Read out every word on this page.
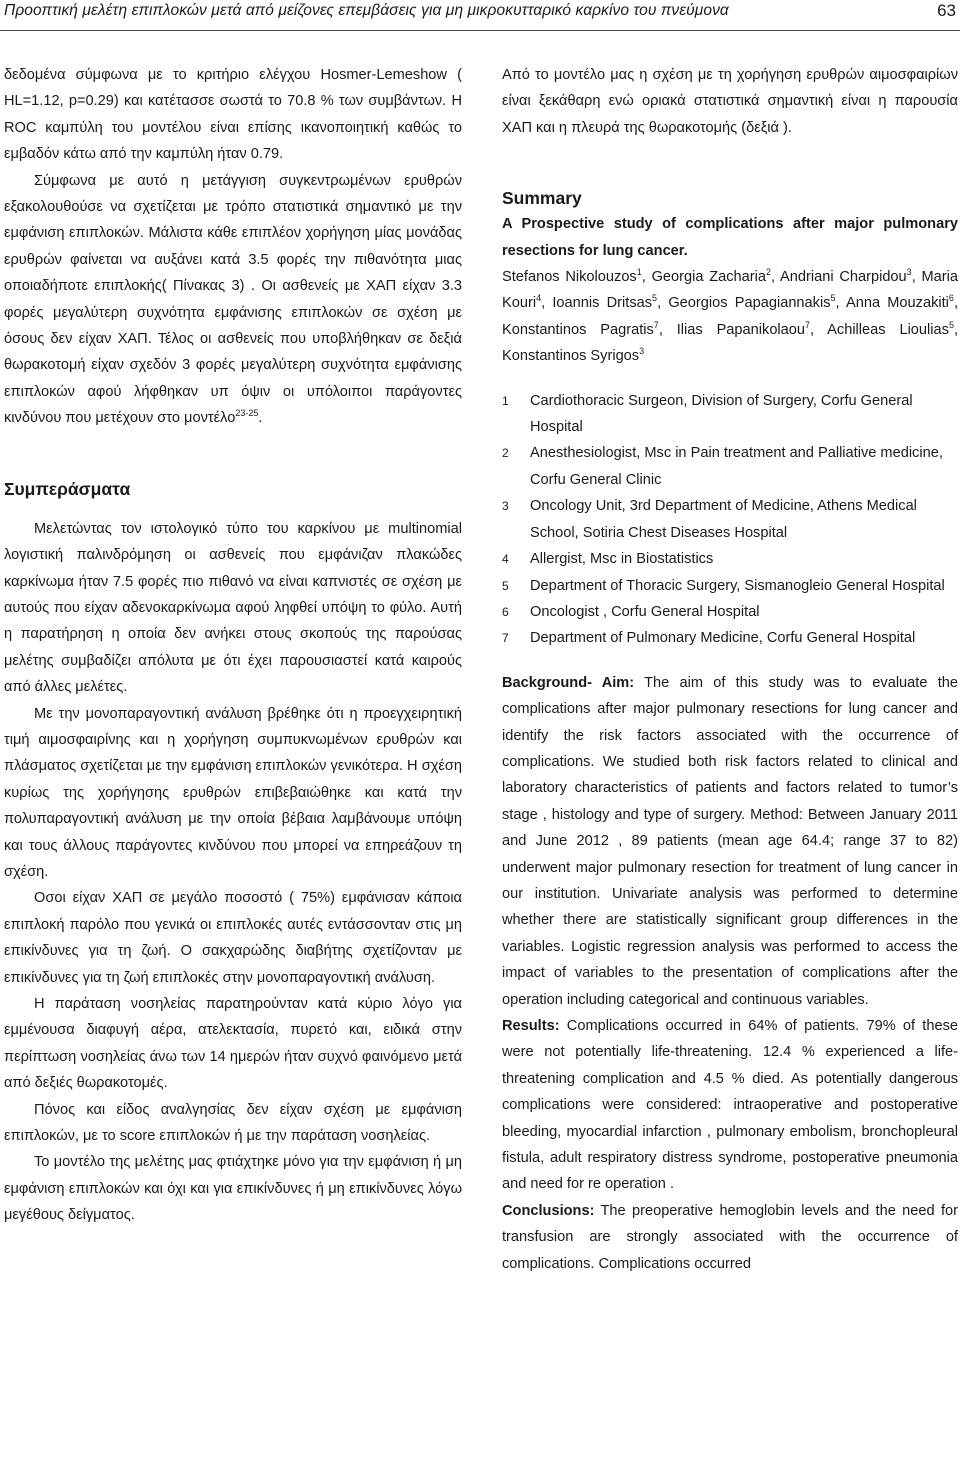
Προοπτική μελέτη επιπλοκών μετά από μείζονες επεμβάσεις για μη μικροκυτταρικό καρκίνο του πνεύμονα	63

δεδομένα σύμφωνα με το κριτήριο ελέγχου Hosmer-Lemeshow ( HL=1.12, p=0.29) και κατέτασσε σωστά το 70.8 % των συμβάντων. Η ROC καμπύλη του μοντέλου είναι επίσης ικανοποιητική καθώς το εμβαδόν κάτω από την καμπύλη ήταν 0.79.

Σύμφωνα με αυτό η μετάγγιση συγκεντρωμένων ερυθρών εξακολουθούσε να σχετίζεται με τρόπο στατιστικά σημαντικό με την εμφάνιση επιπλοκών. Μάλιστα κάθε επιπλέον χορήγηση μίας μονάδας ερυθρών φαίνεται να αυξάνει κατά 3.5 φορές την πιθανότητα μιας οποιαδήποτε επιπλοκής( Πίνακας 3) . Οι ασθενείς με ΧΑΠ είχαν 3.3 φορές μεγαλύτερη συχνότητα εμφάνισης επιπλοκών σε σχέση με όσους δεν είχαν ΧΑΠ. Τέλος οι ασθενείς που υποβλήθηκαν σε δεξιά θωρακοτομή είχαν σχεδόν 3 φορές μεγαλύτερη συχνότητα εμφάνισης επιπλοκών αφού λήφθηκαν υπ όψιν οι υπόλοιποι παράγοντες κινδύνου που μετέχουν στο μοντέλο$^{23-25}$.

Συμπεράσματα

Μελετώντας τον ιστολογικό τύπο του καρκίνου με multinomial λογιστική παλινδρόμηση οι ασθενείς που εμφάνιζαν πλακώδες καρκίνωμα ήταν 7.5 φορές πιο πιθανό να είναι καπνιστές σε σχέση με αυτούς που είχαν αδενοκαρκίνωμα αφού ληφθεί υπόψη το φύλο. Αυτή η παρατήρηση η οποία δεν ανήκει στους σκοπούς της παρούσας μελέτης συμβαδίζει απόλυτα με ότι έχει παρουσιαστεί κατά καιρούς από άλλες μελέτες.

Με την μονοπαραγοντική ανάλυση βρέθηκε ότι η προεγχειρητική τιμή αιμοσφαιρίνης και η χορήγηση συμπυκνωμένων ερυθρών και πλάσματος σχετίζεται με την εμφάνιση επιπλοκών γενικότερα. Η σχέση κυρίως της χορήγησης ερυθρών επιβεβαιώθηκε και κατά την πολυπαραγοντική ανάλυση με την οποία βέβαια λαμβάνουμε υπόψη και τους άλλους παράγοντες κινδύνου που μπορεί να επηρεάζουν τη σχέση.

Οσοι είχαν ΧΑΠ σε μεγάλο ποσοστό ( 75%) εμφάνισαν κάποια επιπλοκή παρόλο που γενικά οι επιπλοκές αυτές εντάσσονταν στις μη επικίνδυνες για τη ζωή. Ο σακχαρώδης διαβήτης σχετίζονταν με επικίνδυνες για τη ζωή επιπλοκές στην μονοπαραγοντική ανάλυση.

Η παράταση νοσηλείας παρατηρούνταν κατά κύριο λόγο για εμμένουσα διαφυγή αέρα, ατελεκτασία, πυρετό και, ειδικά στην περίπτωση νοσηλείας άνω των 14 ημερών ήταν συχνό φαινόμενο μετά από δεξιές θωρακοτομές.

Πόνος και είδος αναλγησίας δεν είχαν σχέση με εμφάνιση επιπλοκών, με το score επιπλοκών ή με την παράταση νοσηλείας.

Το μοντέλο της μελέτης μας φτιάχτηκε μόνο για την εμφάνιση ή μη εμφάνιση επιπλοκών και όχι και για επικίνδυνες ή μη επικίνδυνες λόγω μεγέθους δείγματος.

Από το μοντέλο μας η σχέση με τη χορήγηση ερυθρών αιμοσφαιρίων είναι ξεκάθαρη ενώ οριακά στατιστικά σημαντική είναι η παρουσία ΧΑΠ και η πλευρά της θωρακοτομής (δεξιά ).

Summary

A Prospective study of complications after major pulmonary resections for lung cancer.

Stefanos Nikolouzos$^1$, Georgia Zacharia$^2$, Andriani Charpidou$^3$, Maria Kouri$^4$, Ioannis Dritsas$^5$, Georgios Papagiannakis$^5$, Anna Mouzakiti$^6$, Konstantinos Pagratis$^7$, Ilias Papanikolaou$^7$, Achilleas Lioulias$^5$, Konstantinos Syrigos$^3$

1	Cardiothoracic Surgeon, Division of Surgery, Corfu General Hospital
2	Anesthesiologist, Msc in Pain treatment and Palliative medicine, Corfu General Clinic
3	Oncology Unit, 3rd Department of Medicine, Athens Medical School, Sotiria Chest Diseases Hospital
4	Allergist, Msc in Biostatistics
5	Department of Thoracic Surgery, Sismanogleio General Hospital
6	Oncologist , Corfu General Hospital
7	Department of Pulmonary Medicine, Corfu General Hospital

Background- Aim: The aim of this study was to evaluate the complications after major pulmonary resections for lung cancer and identify the risk factors associated with the occurrence of complications. We studied both risk factors related to clinical and laboratory characteristics of patients and factors related to tumor’s stage , histology and type of surgery. Method: Between January 2011 and June 2012 , 89 patients (mean age 64.4; range 37 to 82) underwent major pulmonary resection for treatment of lung cancer in our institution. Univariate analysis was performed to determine whether there are statistically significant group differences in the variables. Logistic regression analysis was performed to access the impact of variables to the presentation of complications after the operation including categorical and continuous variables.

Results: Complications occurred in 64% of patients. 79% of these were not potentially life-threatening. 12.4 % experienced a life-threatening complication and 4.5 % died. As potentially dangerous complications were considered: intraoperative and postoperative bleeding, myocardial infarction , pulmonary embolism, bronchopleural fistula, adult respiratory distress syndrome, postoperative pneumonia and need for re operation .

Conclusions: The preoperative hemoglobin levels and the need for transfusion are strongly associated with the occurrence of complications. Complications occurred
